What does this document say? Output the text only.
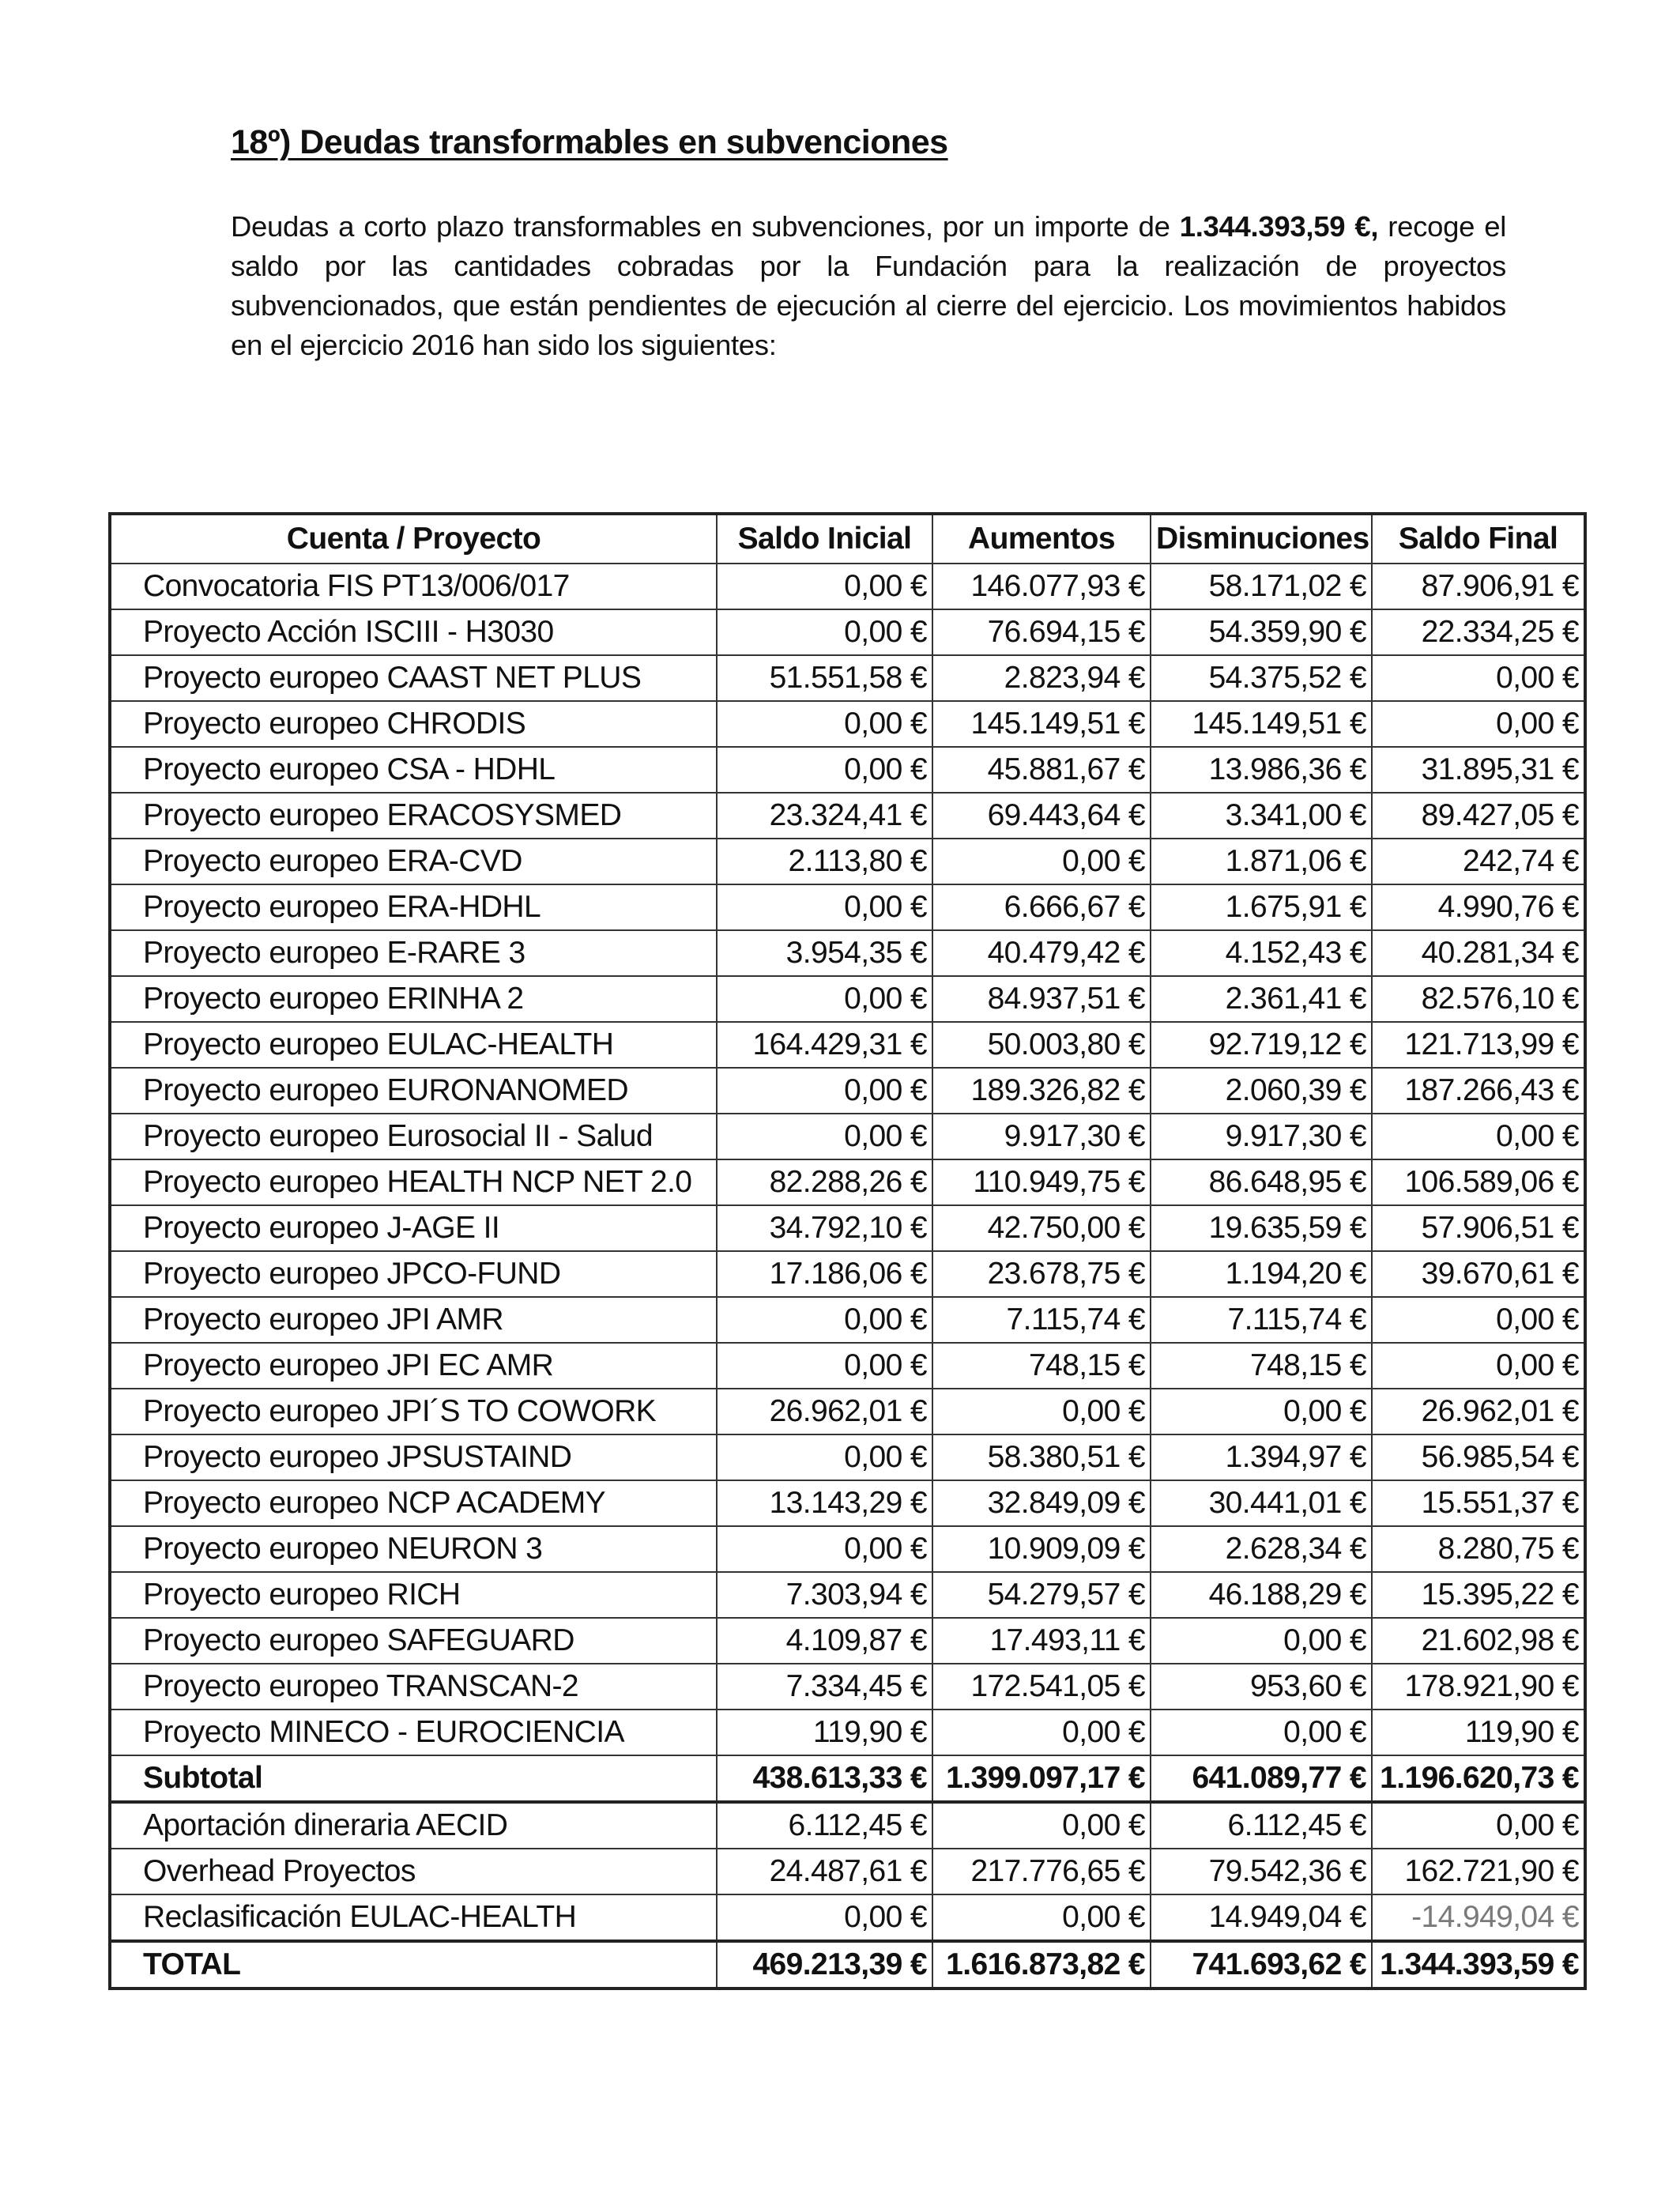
18º) Deudas transformables en subvenciones
Deudas a corto plazo transformables en subvenciones, por un importe de 1.344.393,59 €, recoge el saldo por las cantidades cobradas por la Fundación para la realización de proyectos subvencionados, que están pendientes de ejecución al cierre del ejercicio. Los movimientos habidos en el ejercicio 2016 han sido los siguientes:
Cuenta / Proyecto	Saldo Inicial	Aumentos	Disminuciones	Saldo Final
Convocatoria FIS PT13/006/017	0,00 €	146.077,93 €	58.171,02 €	87.906,91 €
Proyecto Acción ISCIII - H3030	0,00 €	76.694,15 €	54.359,90 €	22.334,25 €
Proyecto europeo CAAST NET PLUS	51.551,58 €	2.823,94 €	54.375,52 €	0,00 €
Proyecto europeo CHRODIS	0,00 €	145.149,51 €	145.149,51 €	0,00 €
Proyecto europeo CSA - HDHL	0,00 €	45.881,67 €	13.986,36 €	31.895,31 €
Proyecto europeo ERACOSYSMED	23.324,41 €	69.443,64 €	3.341,00 €	89.427,05 €
Proyecto europeo ERA-CVD	2.113,80 €	0,00 €	1.871,06 €	242,74 €
Proyecto europeo ERA-HDHL	0,00 €	6.666,67 €	1.675,91 €	4.990,76 €
Proyecto europeo E-RARE 3	3.954,35 €	40.479,42 €	4.152,43 €	40.281,34 €
Proyecto europeo ERINHA 2	0,00 €	84.937,51 €	2.361,41 €	82.576,10 €
Proyecto europeo EULAC-HEALTH	164.429,31 €	50.003,80 €	92.719,12 €	121.713,99 €
Proyecto europeo EURONANOMED	0,00 €	189.326,82 €	2.060,39 €	187.266,43 €
Proyecto europeo Eurosocial II - Salud	0,00 €	9.917,30 €	9.917,30 €	0,00 €
Proyecto europeo HEALTH NCP NET 2.0	82.288,26 €	110.949,75 €	86.648,95 €	106.589,06 €
Proyecto europeo J-AGE II	34.792,10 €	42.750,00 €	19.635,59 €	57.906,51 €
Proyecto europeo JPCO-FUND	17.186,06 €	23.678,75 €	1.194,20 €	39.670,61 €
Proyecto europeo JPI AMR	0,00 €	7.115,74 €	7.115,74 €	0,00 €
Proyecto europeo JPI EC AMR	0,00 €	748,15 €	748,15 €	0,00 €
Proyecto europeo JPI´S TO COWORK	26.962,01 €	0,00 €	0,00 €	26.962,01 €
Proyecto europeo JPSUSTAIND	0,00 €	58.380,51 €	1.394,97 €	56.985,54 €
Proyecto europeo NCP ACADEMY	13.143,29 €	32.849,09 €	30.441,01 €	15.551,37 €
Proyecto europeo NEURON 3	0,00 €	10.909,09 €	2.628,34 €	8.280,75 €
Proyecto europeo RICH	7.303,94 €	54.279,57 €	46.188,29 €	15.395,22 €
Proyecto europeo SAFEGUARD	4.109,87 €	17.493,11 €	0,00 €	21.602,98 €
Proyecto europeo TRANSCAN-2	7.334,45 €	172.541,05 €	953,60 €	178.921,90 €
Proyecto MINECO - EUROCIENCIA	119,90 €	0,00 €	0,00 €	119,90 €
Subtotal	438.613,33 €	1.399.097,17 €	641.089,77 €	1.196.620,73 €
Aportación dineraria AECID	6.112,45 €	0,00 €	6.112,45 €	0,00 €
Overhead Proyectos	24.487,61 €	217.776,65 €	79.542,36 €	162.721,90 €
Reclasificación EULAC-HEALTH	0,00 €	0,00 €	14.949,04 €	-14.949,04 €
TOTAL	469.213,39 €	1.616.873,82 €	741.693,62 €	1.344.393,59 €
